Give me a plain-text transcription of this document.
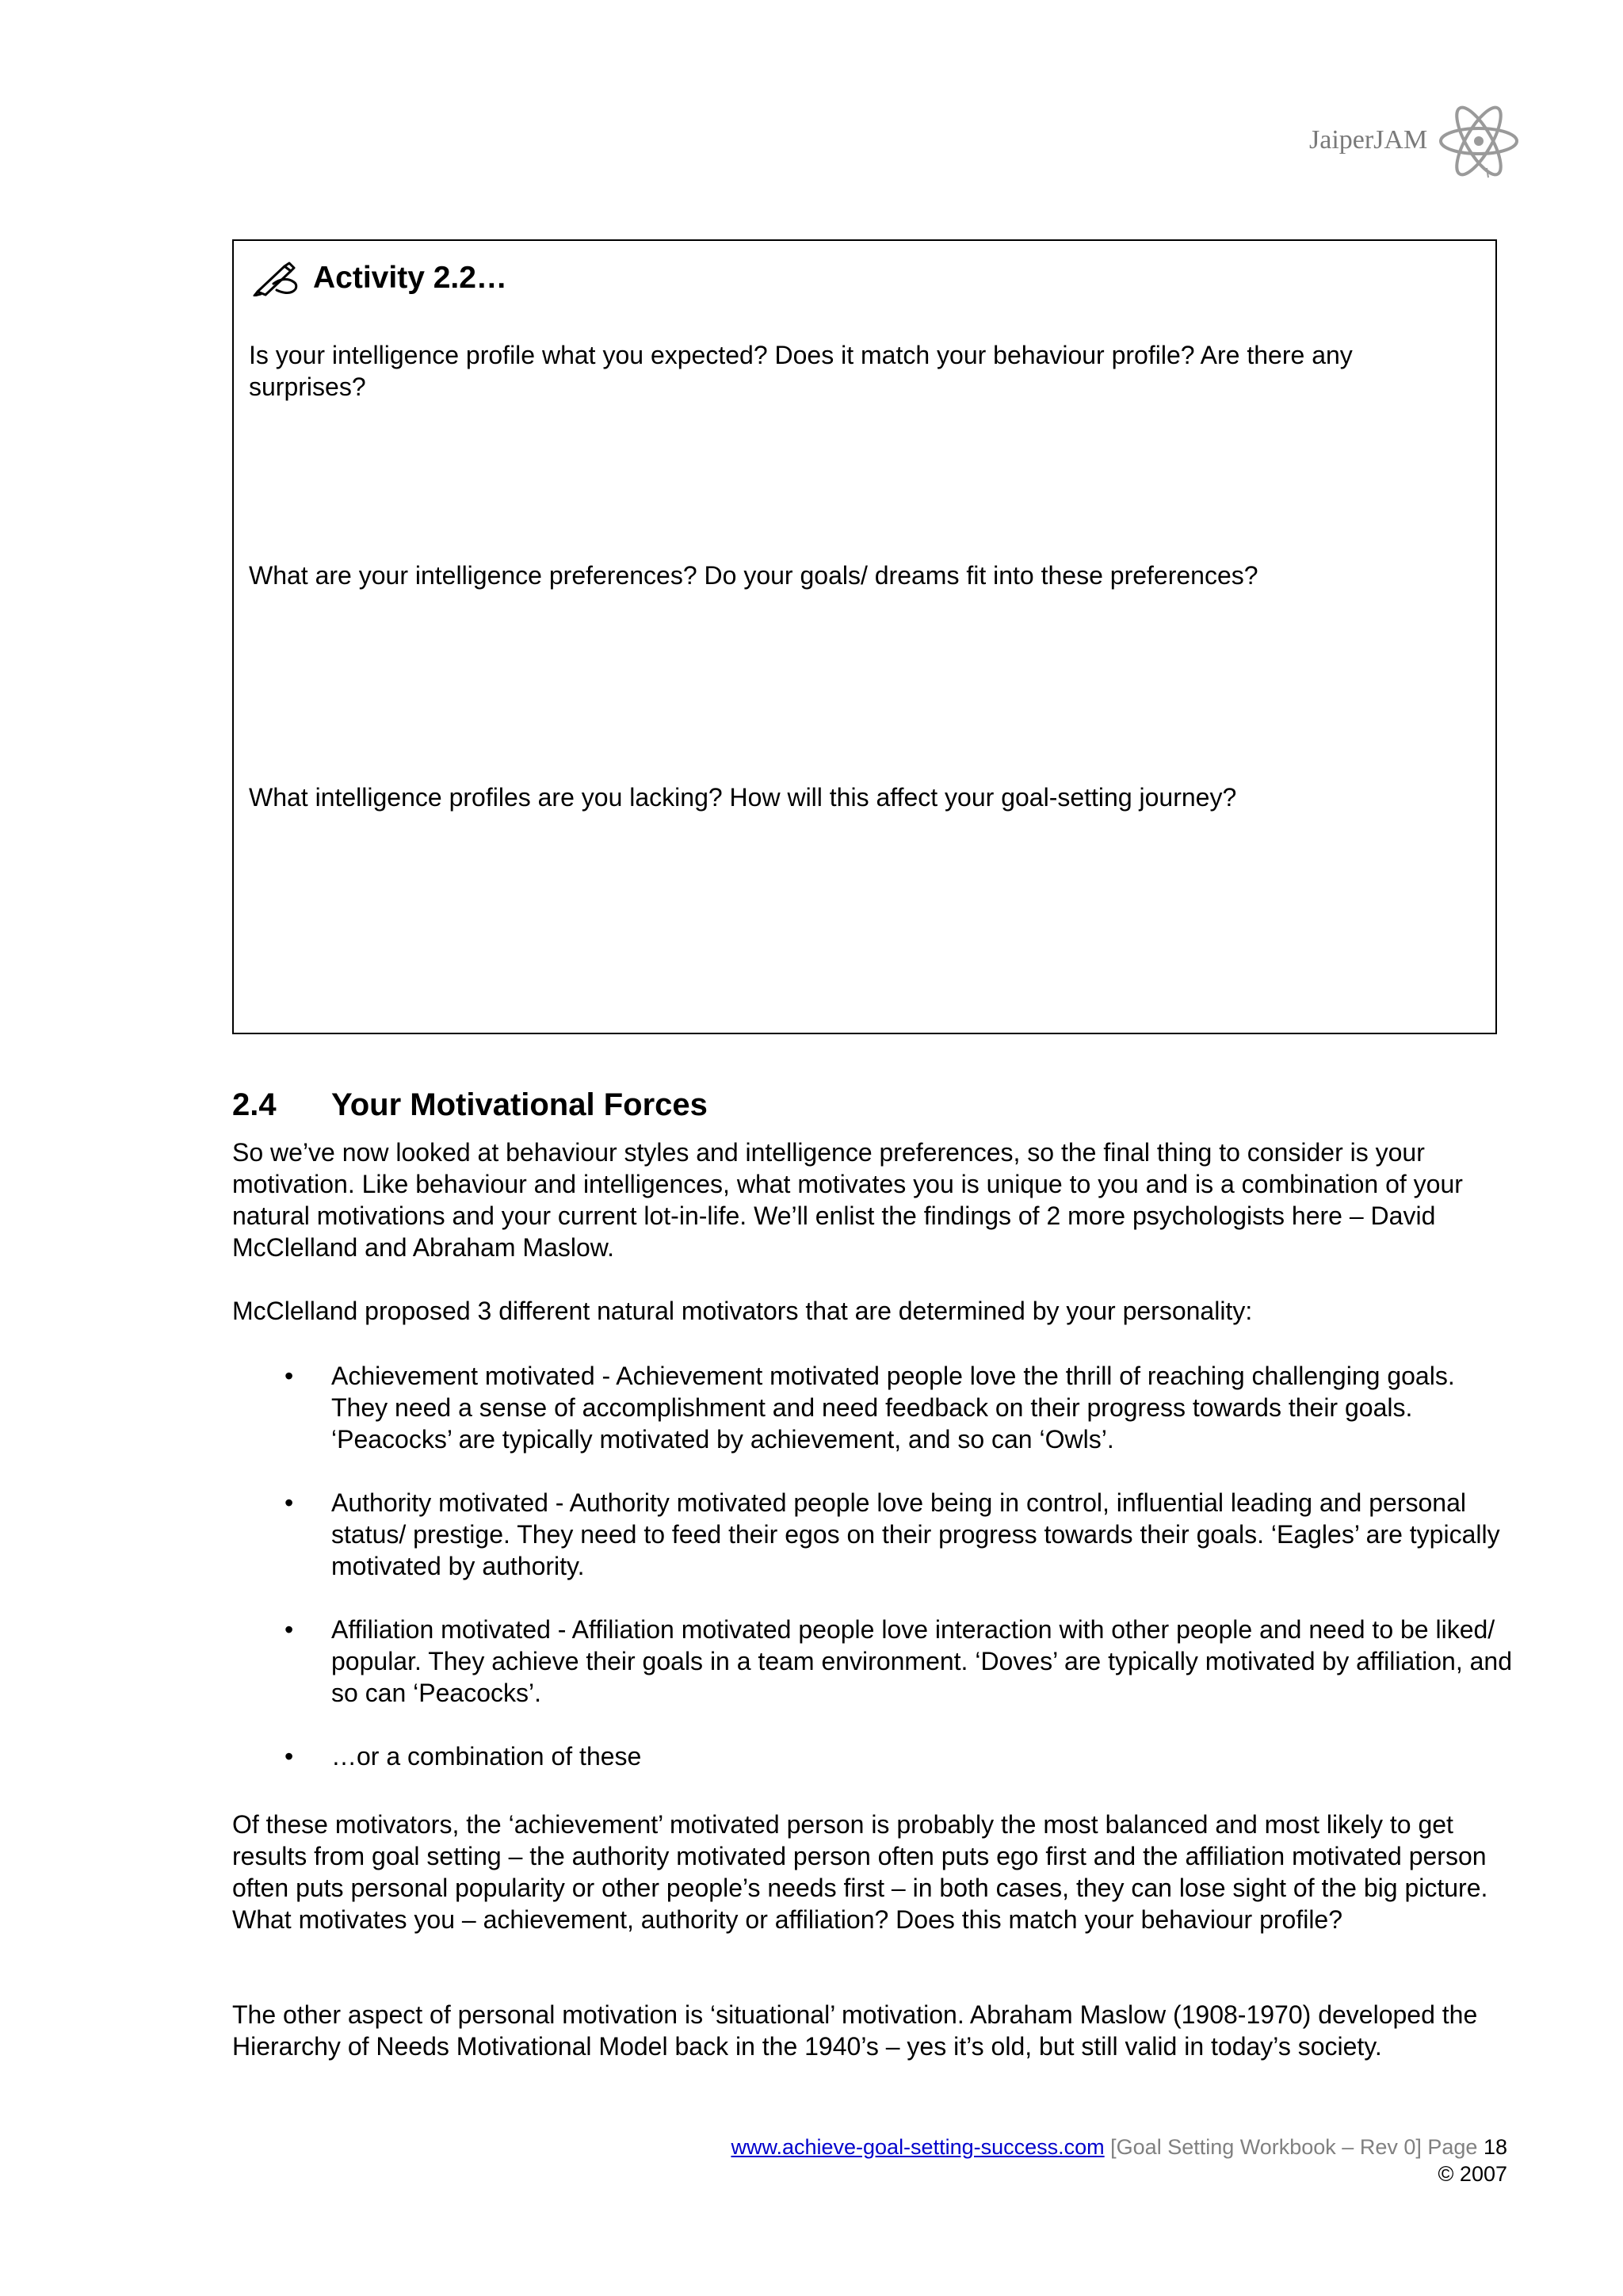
JaiperJAM
Activity 2.2…
Is your intelligence profile what you expected? Does it match your behaviour profile? Are there any surprises?
What are your intelligence preferences? Do your goals/ dreams fit into these preferences?
What intelligence profiles are you lacking? How will this affect your goal-setting journey?
2.4 Your Motivational Forces
So we’ve now looked at behaviour styles and intelligence preferences, so the final thing to consider is your motivation. Like behaviour and intelligences, what motivates you is unique to you and is a combination of your natural motivations and your current lot-in-life. We’ll enlist the findings of 2 more psychologists here – David McClelland and Abraham Maslow.
McClelland proposed 3 different natural motivators that are determined by your personality:
• Achievement motivated - Achievement motivated people love the thrill of reaching challenging goals. They need a sense of accomplishment and need feedback on their progress towards their goals. ‘Peacocks’ are typically motivated by achievement, and so can ‘Owls’.
• Authority motivated - Authority motivated people love being in control, influential leading and personal status/ prestige. They need to feed their egos on their progress towards their goals. ‘Eagles’ are typically motivated by authority.
• Affiliation motivated - Affiliation motivated people love interaction with other people and need to be liked/ popular. They achieve their goals in a team environment. ‘Doves’ are typically motivated by affiliation, and so can ‘Peacocks’.
• …or a combination of these
Of these motivators, the ‘achievement’ motivated person is probably the most balanced and most likely to get results from goal setting – the authority motivated person often puts ego first and the affiliation motivated person often puts personal popularity or other people’s needs first – in both cases, they can lose sight of the big picture. What motivates you – achievement, authority or affiliation? Does this match your behaviour profile?
The other aspect of personal motivation is ‘situational’ motivation. Abraham Maslow (1908-1970) developed the Hierarchy of Needs Motivational Model back in the 1940’s – yes it’s old, but still valid in today’s society.
www.achieve-goal-setting-success.com [Goal Setting Workbook – Rev 0] Page 18
© 2007
